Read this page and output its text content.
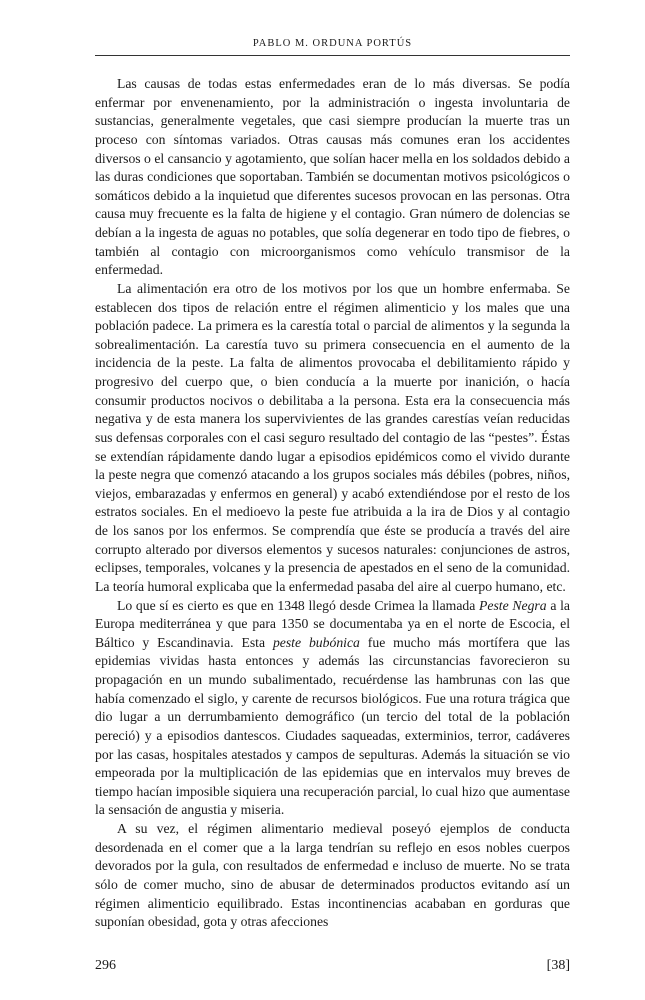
PABLO M. ORDUNA PORTÚS

Las causas de todas estas enfermedades eran de lo más diversas. Se podía enfermar por envenenamiento, por la administración o ingesta involuntaria de sustancias, generalmente vegetales, que casi siempre producían la muerte tras un proceso con síntomas variados. Otras causas más comunes eran los accidentes diversos o el cansancio y agotamiento, que solían hacer mella en los soldados debido a las duras condiciones que soportaban. También se documentan motivos psicológicos o somáticos debido a la inquietud que diferentes sucesos provocan en las personas. Otra causa muy frecuente es la falta de higiene y el contagio. Gran número de dolencias se debían a la ingesta de aguas no potables, que solía degenerar en todo tipo de fiebres, o también al contagio con microorganismos como vehículo transmisor de la enfermedad.

La alimentación era otro de los motivos por los que un hombre enfermaba. Se establecen dos tipos de relación entre el régimen alimenticio y los males que una población padece. La primera es la carestía total o parcial de alimentos y la segunda la sobrealimentación. La carestía tuvo su primera consecuencia en el aumento de la incidencia de la peste. La falta de alimentos provocaba el debilitamiento rápido y progresivo del cuerpo que, o bien conducía a la muerte por inanición, o hacía consumir productos nocivos o debilitaba a la persona. Esta era la consecuencia más negativa y de esta manera los supervivientes de las grandes carestías veían reducidas sus defensas corporales con el casi seguro resultado del contagio de las “pestes”. Éstas se extendían rápidamente dando lugar a episodios epidémicos como el vivido durante la peste negra que comenzó atacando a los grupos sociales más débiles (pobres, niños, viejos, embarazadas y enfermos en general) y acabó extendiéndose por el resto de los estratos sociales. En el medioevo la peste fue atribuida a la ira de Dios y al contagio de los sanos por los enfermos. Se comprendía que éste se producía a través del aire corrupto alterado por diversos elementos y sucesos naturales: conjunciones de astros, eclipses, temporales, volcanes y la presencia de apestados en el seno de la comunidad. La teoría humoral explicaba que la enfermedad pasaba del aire al cuerpo humano, etc.

Lo que sí es cierto es que en 1348 llegó desde Crimea la llamada Peste Negra a la Europa mediterránea y que para 1350 se documentaba ya en el norte de Escocia, el Báltico y Escandinavia. Esta peste bubónica fue mucho más mortífera que las epidemias vividas hasta entonces y además las circunstancias favorecieron su propagación en un mundo subalimentado, recuérdense las hambrunas con las que había comenzado el siglo, y carente de recursos biológicos. Fue una rotura trágica que dio lugar a un derrumbamiento demográfico (un tercio del total de la población pereció) y a episodios dantescos. Ciudades saqueadas, exterminios, terror, cadáveres por las casas, hospitales atestados y campos de sepulturas. Además la situación se vio empeorada por la multiplicación de las epidemias que en intervalos muy breves de tiempo hacían imposible siquiera una recuperación parcial, lo cual hizo que aumentase la sensación de angustia y miseria.

A su vez, el régimen alimentario medieval poseyó ejemplos de conducta desordenada en el comer que a la larga tendrían su reflejo en esos nobles cuerpos devorados por la gula, con resultados de enfermedad e incluso de muerte. No se trata sólo de comer mucho, sino de abusar de determinados productos evitando así un régimen alimenticio equilibrado. Estas incontinencias acababan en gorduras que suponían obesidad, gota y otras afecciones

296	[38]
